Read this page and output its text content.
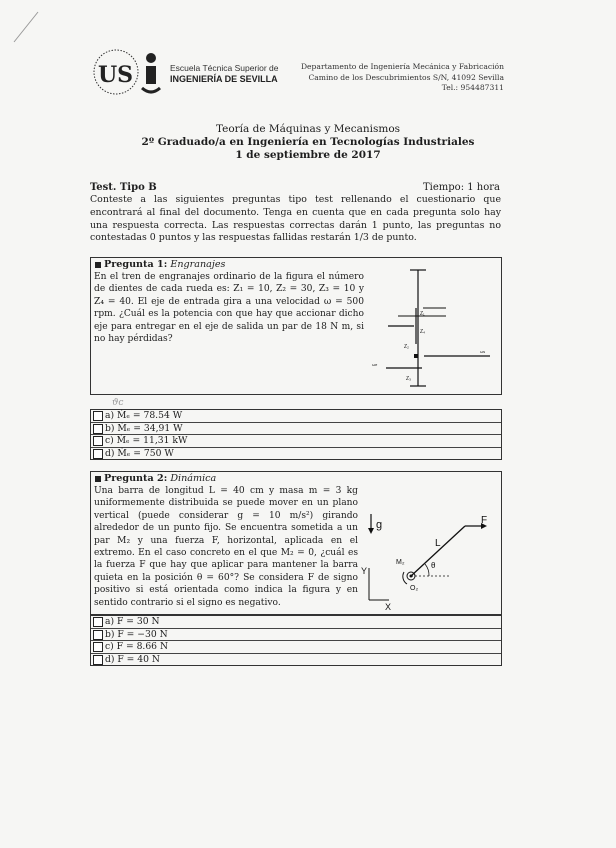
US	Escuela Técnica Superior de
INGENIERÍA DE SEVILLA
Departamento de Ingeniería Mecánica y Fabricación
Camino de los Descubrimientos S/N, 41092 Sevilla
Tel.: 954487311
Teoría de Máquinas y Mecanismos
2º Graduado/a en Ingeniería en Tecnologías Industriales
1 de septiembre de 2017
Test. Tipo B	Tiempo: 1 hora
Conteste a las siguientes preguntas tipo test rellenando el cuestionario que encontrará al final del documento. Tenga en cuenta que en cada pregunta solo hay una respuesta correcta. Las respuestas correctas darán 1 punto, las preguntas no contestadas 0 puntos y las respuestas fallidas restarán 1/3 de punto.
Pregunta 1: Engranajes
En el tren de engranajes ordinario de la figura el número de dientes de cada rueda es: Z₁ = 10, Z₂ = 30, Z₃ = 10 y Z₄ = 40. El eje de entrada gira a una velocidad ω = 500 rpm. ¿Cuál es la potencia con que hay que accionar dicho eje para entregar en el eje de salida un par de 18 N m, si no hay pérdidas?
Z₁
Z₄
Z₂
Z₃
ωe
ωs
ϑᴄ
a) Ṁₑ = 78.54 W
b) Ṁₑ = 34,91 W
c) Ṁₑ = 11,31 kW
d) Ṁₑ = 750 W
Pregunta 2: Dinámica
Una barra de longitud L = 40 cm y masa m = 3 kg uniformemente distribuida se puede mover en un plano vertical (puede considerar g = 10 m/s²) girando alrededor de un punto fijo. Se encuentra sometida a un par M₂ y una fuerza F, horizontal, aplicada en el extremo. En el caso concreto en el que M₂ = 0, ¿cuál es la fuerza F que hay que aplicar para mantener la barra quieta en la posición θ = 60°? Se considera F de signo positivo si está orientada como indica la figura y en sentido contrario si el signo es negativo.
g	F
L
θ
M₂
O₂
Y
X
a) F = 30 N
b) F = −30 N
c) F = 8.66 N
d) F = 40 N
